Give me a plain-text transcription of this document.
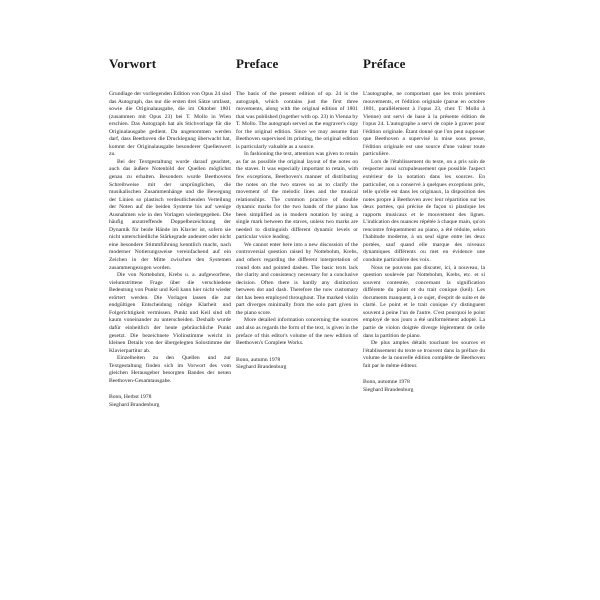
Vorwort

Grundlage der vorliegenden Edition von Opus 24 sind das Autograph, das nur die ersten drei Sätze umfasst, sowie die Originalausgabe, die im Oktober 1801 (zusammen mit Opus 23) bei T. Mollo in Wien erschien. Das Autograph hat als Stichvorlage für die Originalausgabe gedient. Da angenommen werden darf, dass Beethoven die Drucklegung überwacht hat, kommt der Originalausgabe besonderer Quellenwert zu.

Bei der Textgestaltung wurde darauf geachtet, auch das äußere Notenbild der Quellen möglichst genau zu erhalten. Besonders wurde Beethovens Schreibweise mit der ursprünglichen, die musikalischen Zusammenhänge und die Bewegung der Linien so plastisch verdeutlichenden Verteilung der Noten auf die beiden Systeme bis auf wenige Ausnahmen wie in den Vorlagen wiedergegeben. Die häufig anzutreffende Doppelbezeichnung der Dynamik für beide Hände im Klavier ist, sofern sie nicht unterschiedliche Stärkegrade andeutet oder nicht eine besondere Stimmführung kenntlich macht, nach moderner Notierungsweise vereinfachend auf ein Zeichen in der Mitte zwischen den Systemen zusammengezogen worden.

Die von Nottebohm, Krebs u. a. aufgeworfene, vielumstrittene Frage über die verschiedene Bedeutung von Punkt und Keil kann hier nicht wieder erörtert werden. Die Vorlagen lassen die zur endgültigen Entscheidung nötige Klarheit und Folgerichtigkeit vermissen. Punkt und Keil sind oft kaum voneinander zu unterscheiden. Deshalb wurde dafür einheitlich der heute gebräuchliche Punkt gesetzt. Die bezeichnete Violinstimme weicht in kleinen Details von der übergelegten Solostimme der Klavierpartitur ab.

Einzelheiten zu den Quellen und zur Textgestaltung finden sich im Vorwort des vom gleichen Herausgeber besorgten Bandes der neuen Beethoven-Gesamtausgabe.

Bonn, Herbst 1978
Sieghard Brandenburg
Preface

The basis of the present edition of op. 24 is the autograph, which contains just the first three movements, along with the original edition of 1801 that was published (together with op. 23) in Vienna by T. Mollo. The autograph served as the engraver's copy for the original edition. Since we may assume that Beethoven supervised its printing, the original edition is particularly valuable as a source.

In fashioning the text, attention was given to retain as far as possible the original layout of the notes on the staves. It was especially important to retain, with few exceptions, Beethoven's manner of distributing the notes on the two staves so as to clarify the movement of the melodic lines and the musical relationships. The common practice of double dynamic marks for the two hands of the piano has been simplified as in modern notation by using a single mark between the staves, unless two marks are needed to distinguish different dynamic levels or particular voice leading.

We cannot enter here into a new discussion of the controversial question raised by Nottebohm, Krebs, and others regarding the different interpretation of round dots and pointed dashes. The basic texts lack the clarity and consistency necessary for a conclusive decision. Often there is hardly any distinction between dot and dash. Therefore the now customary dot has been employed throughout. The marked violin part diverges minimally from the solo part given in the piano score.

More detailed information concerning the sources and also as regards the form of the text, is given in the preface of this editor's volume of the new edition of Beethoven's Complete Works.

Bonn, autumn 1978
Sieghard Brandenburg
Préface

L'autographe, ne comportant que les trois premiers mouvements, et l'édition originale (parue en octobre 1801, parallèlement à l'opus 23, chez T. Mollo à Vienne) ont servi de base à la présente édition de l'opus 24. L'autographe a servi de copie à graver pour l'édition originale. Étant donné que l'on peut supposer que Beethoven a supervisé la mise sous presse, l'édition originale est une source d'une valeur toute particulière.

Lors de l'établissement du texte, on a pris soin de respecter aussi scrupuleusement que possible l'aspect extérieur de la notation dans les sources. En particulier, on a conservé à quelques exceptions près, telle qu'elle est dans les originaux, la disposition des notes propre à Beethoven avec leur répartition sur les deux portées, qui précise de façon si plastique les rapports musicaux et le mouvement des lignes. L'indication des nuances répétée à chaque main, qu'on rencontre fréquemment au piano, a été réduite, selon l'habitude moderne, à un seul signe entre les deux portées, sauf quand elle marque des niveaux dynamiques différents ou met en évidence une conduite particulière des voix.

Nous ne pouvons pas discuter, ici, à nouveau, la question soulevée par Nottebohm, Krebs, etc. et si souvent contestée, concernant la signification différente du point et du trait conique (keil). Les documents manquent, à ce sujet, d'esprit de suite et de clarté. Le point et le trait conique s'y distinguent souvent à peine l'un de l'autre. C'est pourquoi le point employé de nos jours a été uniformément adopté. La partie de violon doigtée diverge légèrement de celle dans la partition de piano.

De plus amples détails touchant les sources et l'établissement du texte se trouvent dans la préface du volume de la nouvelle édition complète de Beethoven fait par le même éditeur.

Bonn, automne 1978
Sieghard Brandenburg
